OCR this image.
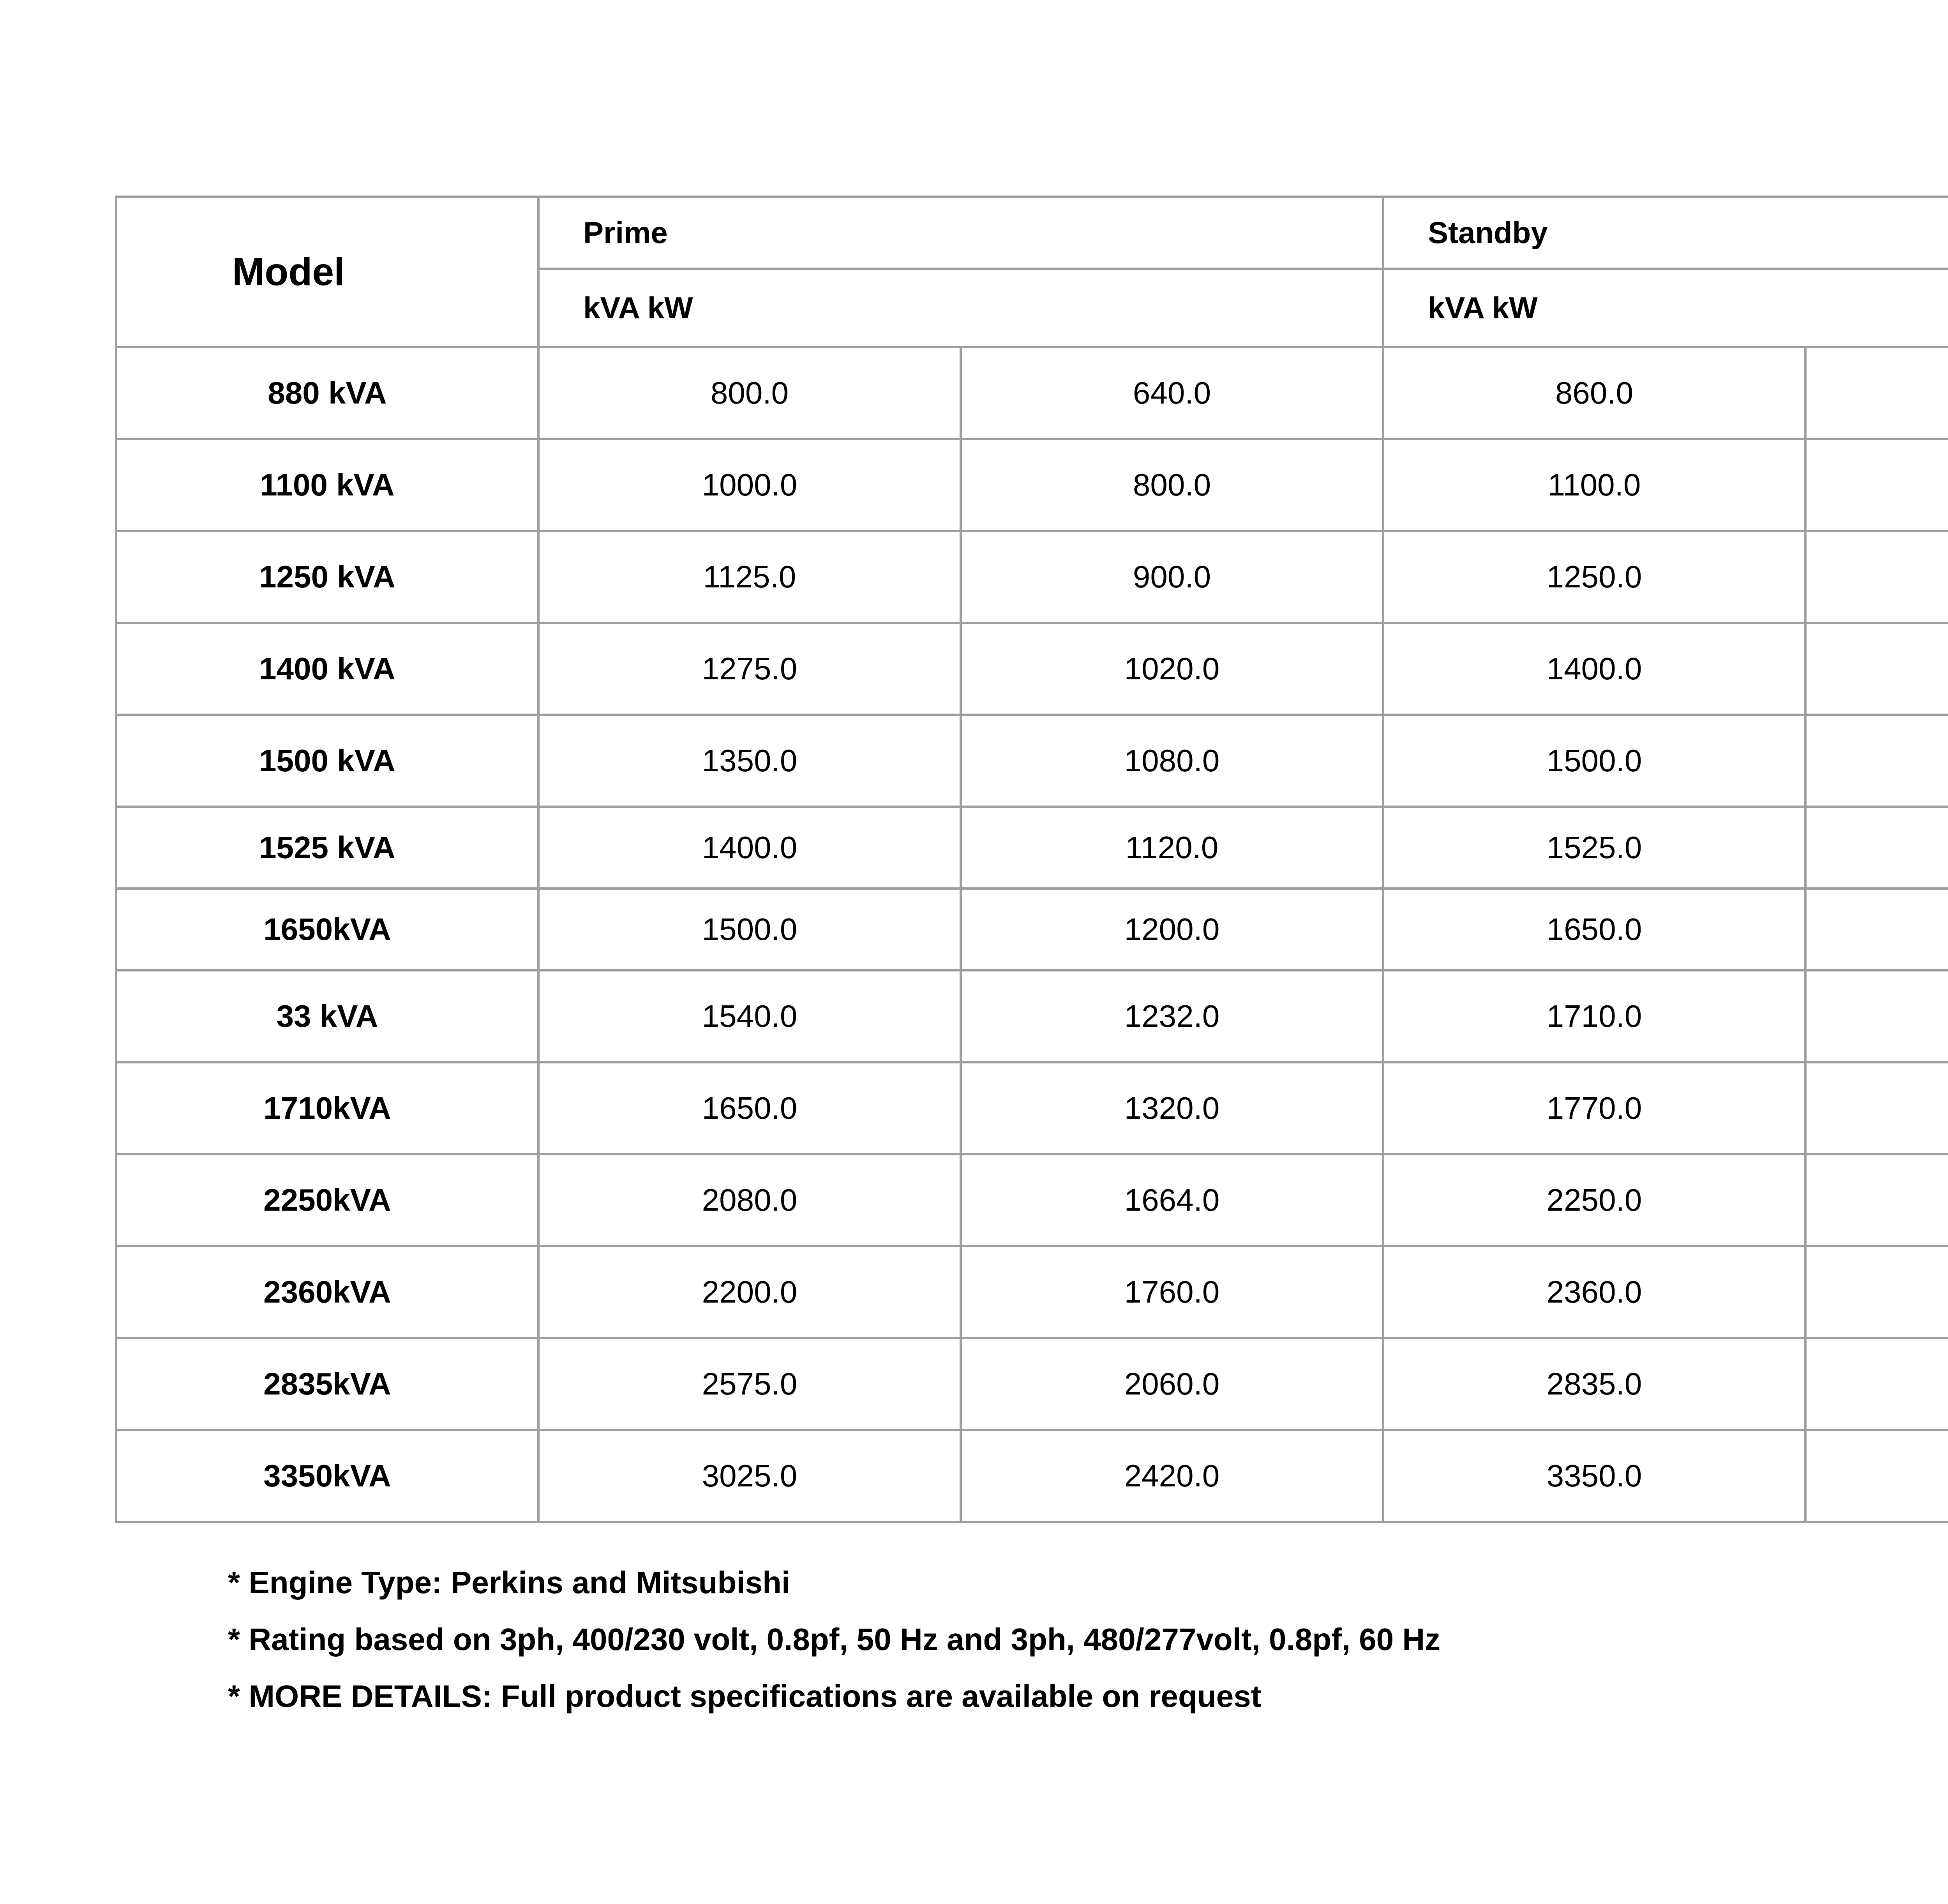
Model	Prime		Standby	
	kVA kW		kVA kW	
880 kVA	800.0	640.0	860.0	
1100 kVA	1000.0	800.0	1100.0	
1250 kVA	1125.0	900.0	1250.0	
1400 kVA	1275.0	1020.0	1400.0	
1500 kVA	1350.0	1080.0	1500.0	
1525 kVA	1400.0	1120.0	1525.0	
1650kVA	1500.0	1200.0	1650.0	
33 kVA	1540.0	1232.0	1710.0	
1710kVA	1650.0	1320.0	1770.0	
2250kVA	2080.0	1664.0	2250.0	
2360kVA	2200.0	1760.0	2360.0	
2835kVA	2575.0	2060.0	2835.0	
3350kVA	3025.0	2420.0	3350.0	
* Engine Type: Perkins and Mitsubishi
* Rating based on 3ph, 400/230 volt, 0.8pf, 50 Hz and 3ph, 480/277volt, 0.8pf, 60 Hz
* MORE DETAILS: Full product specifications are available on request
